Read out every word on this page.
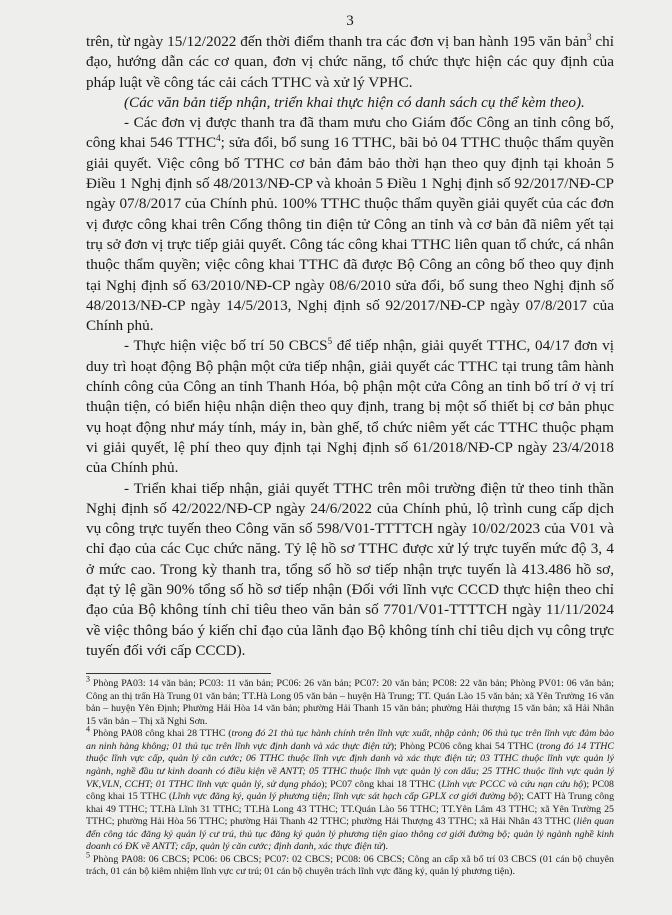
3

trên, từ ngày 15/12/2022 đến thời điểm thanh tra các đơn vị ban hành 195 văn bản$^3$ chỉ đạo, hướng dẫn các cơ quan, đơn vị chức năng, tổ chức thực hiện các quy định của pháp luật về công tác cải cách TTHC và xử lý VPHC.

(Các văn bản tiếp nhận, triển khai thực hiện có danh sách cụ thể kèm theo).

- Các đơn vị được thanh tra đã tham mưu cho Giám đốc Công an tỉnh công bố, công khai 546 TTHC$^4$; sửa đổi, bổ sung 16 TTHC, bãi bỏ 04 TTHC thuộc thẩm quyền giải quyết. Việc công bố TTHC cơ bản đảm bảo thời hạn theo quy định tại khoản 5 Điều 1 Nghị định số 48/2013/NĐ-CP và khoản 5 Điều 1 Nghị định số 92/2017/NĐ-CP ngày 07/8/2017 của Chính phủ. 100% TTHC thuộc thẩm quyền giải quyết của các đơn vị được công khai trên Cổng thông tin điện tử Công an tỉnh và cơ bản đã niêm yết tại trụ sở đơn vị trực tiếp giải quyết. Công tác công khai TTHC liên quan tổ chức, cá nhân thuộc thẩm quyền; việc công khai TTHC đã được Bộ Công an công bố theo quy định tại Nghị định số 63/2010/NĐ-CP ngày 08/6/2010 sửa đổi, bổ sung theo Nghị định số 48/2013/NĐ-CP ngày 14/5/2013, Nghị định số 92/2017/NĐ-CP ngày 07/8/2017 của Chính phủ.

- Thực hiện việc bố trí 50 CBCS$^5$ để tiếp nhận, giải quyết TTHC, 04/17 đơn vị duy trì hoạt động Bộ phận một cửa tiếp nhận, giải quyết các TTHC tại trung tâm hành chính công của Công an tỉnh Thanh Hóa, bộ phận một cửa Công an tỉnh bố trí ở vị trí thuận tiện, có biển hiệu nhận diện theo quy định, trang bị một số thiết bị cơ bản phục vụ hoạt động như máy tính, máy in, bàn ghế, tổ chức niêm yết các TTHC thuộc phạm vi giải quyết, lệ phí theo quy định tại Nghị định số 61/2018/NĐ-CP ngày 23/4/2018 của Chính phủ.

- Triển khai tiếp nhận, giải quyết TTHC trên môi trường điện tử theo tinh thần Nghị định số 42/2022/NĐ-CP ngày 24/6/2022 của Chính phủ, lộ trình cung cấp dịch vụ công trực tuyến theo Công văn số 598/V01-TTTTCH ngày 10/02/2023 của V01 và chỉ đạo của các Cục chức năng. Tỷ lệ hồ sơ TTHC được xử lý trực tuyến mức độ 3, 4 ở mức cao. Trong kỳ thanh tra, tổng số hồ sơ tiếp nhận trực tuyến là 413.486 hồ sơ, đạt tỷ lệ gần 90% tổng số hồ sơ tiếp nhận (Đối với lĩnh vực CCCD thực hiện theo chỉ đạo của Bộ không tính chỉ tiêu theo văn bản số 7701/V01-TTTTCH ngày 11/11/2024 về việc thông báo ý kiến chỉ đạo của lãnh đạo Bộ không tính chỉ tiêu dịch vụ công trực tuyến đối với cấp CCCD).

$^3$ Phòng PA03: 14 văn bản; PC03: 11 văn bản; PC06: 26 văn bản; PC07: 20 văn bản; PC08: 22 văn bản; Phòng PV01: 06 văn bản; Công an thị trấn Hà Trung 01 văn bản; TT.Hà Long 05 văn bản – huyện Hà Trung; TT. Quán Lào 15 văn bản; xã Yên Trường 16 văn bản – huyện Yên Định; Phường Hải Hòa 14 văn bản; phường Hải Thanh 15 văn bản; phường Hải thượng 15 văn bản; xã Hải Nhân 15 văn bản – Thị xã Nghi Sơn.

$^4$ Phòng PA08 công khai 28 TTHC (trong đó 21 thủ tục hành chính trên lĩnh vực xuất, nhập cảnh; 06 thủ tục trên lĩnh vực đảm bảo an ninh hàng không; 01 thủ tục trên lĩnh vực định danh và xác thực điện tử); Phòng PC06 công khai 54 TTHC (trong đó 14 TTHC thuộc lĩnh vực cấp, quản lý căn cước; 06 TTHC thuộc lĩnh vực định danh và xác thực điện tử; 03 TTHC thuộc lĩnh vực quản lý ngành, nghề đầu tư kinh doanh có điều kiện về ANTT; 05 TTHC thuộc lĩnh vực quản lý con dấu; 25 TTHC thuộc lĩnh vực quản lý VK,VLN, CCHT; 01 TTHC lĩnh vực quản lý, sử dụng pháo); PC07 công khai 18 TTHC (Lĩnh vực PCCC và cứu nạn cứu hộ); PC08 công khai 15 TTHC (Lĩnh vực đăng ký, quản lý phương tiện; lĩnh vực sát hạch cấp GPLX cơ giới đường bộ); CATT Hà Trung công khai 49 TTHC; TT.Hà Lĩnh 31 TTHC; TT.Hà Long 43 TTHC; TT.Quán Lào 56 TTHC; TT.Yên Lâm 43 TTHC; xã Yên Trường 25 TTHC; phường Hải Hòa 56 TTHC; phường Hải Thanh 42 TTHC; phường Hải Thượng 43 TTHC; xã Hải Nhân 43 TTHC (liên quan đến công tác đăng ký quản lý cư trú, thủ tục đăng ký quản lý phương tiện giao thông cơ giới đường bộ; quản lý ngành nghề kinh doanh có ĐK về ANTT; cấp, quản lý căn cước; định danh, xác thực điện tử).

$^5$ Phòng PA08: 06 CBCS; PC06: 06 CBCS; PC07: 02 CBCS; PC08: 06 CBCS; Công an cấp xã bố trí 03 CBCS (01 cán bộ chuyên trách, 01 cán bộ kiêm nhiệm lĩnh vực cư trú; 01 cán bộ chuyên trách lĩnh vực đăng ký, quản lý phương tiện).
